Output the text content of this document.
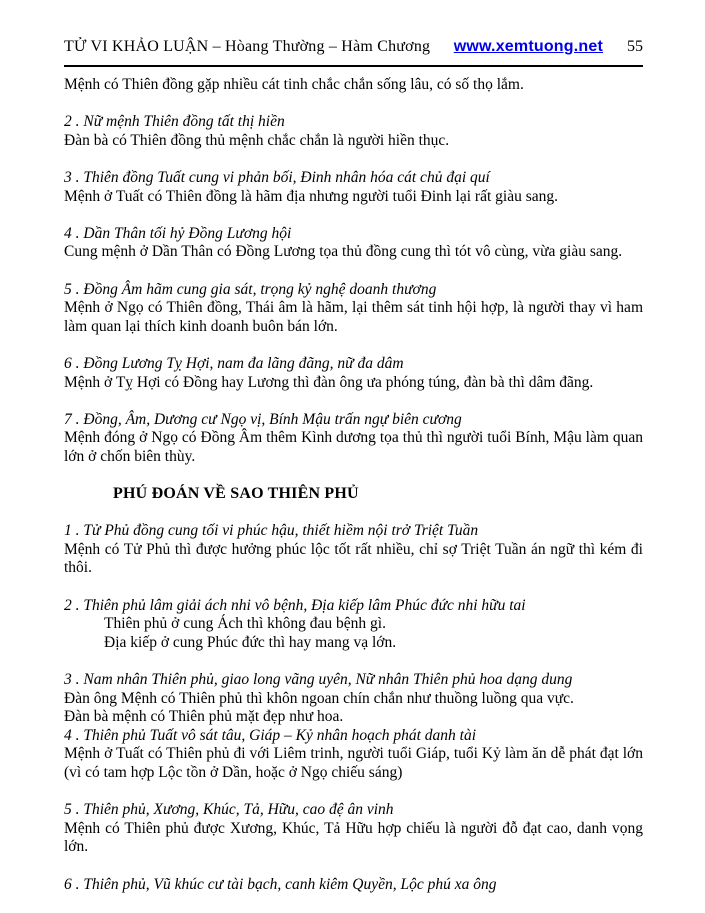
TỬ VI KHẢO LUẬN – Hòang Thường – Hàm Chương www.xemtuong.net 55

Mệnh có Thiên đồng gặp nhiều cát tinh chắc chắn sống lâu, có số thọ lắm.

2 . Nữ mệnh Thiên đồng tất thị hiền
Đàn bà có Thiên đồng thủ mệnh chắc chắn là người hiền thục.
3 . Thiên đồng Tuất cung vi phản bối, Đinh nhân hóa cát chủ đại quí
Mệnh ở Tuất có Thiên đồng là hãm địa nhưng người tuổi Đinh lại rất giàu sang.
4 . Dần Thân tối hỷ Đồng Lương hội
Cung mệnh ở Dần Thân có Đồng Lương tọa thủ đồng cung thì tót vô cùng, vừa giàu sang.
5 . Đồng Âm hãm cung gia sát, trọng kỷ nghệ doanh thương
Mệnh ở Ngọ có Thiên đồng, Thái âm là hãm, lại thêm sát tinh hội hợp, là người thay vì ham làm quan lại thích kinh doanh buôn bán lớn.
6 . Đồng Lương Tỵ Hợi, nam đa lãng đãng, nữ đa dâm
Mệnh ở Tỵ Hợi có Đồng hay Lương thì đàn ông ưa phóng túng, đàn bà thì dâm đãng.
7 . Đồng, Âm, Dương cư Ngọ vị, Bính Mậu trấn ngự biên cương
Mệnh đóng ở Ngọ có Đồng Âm thêm Kình dương tọa thủ thì người tuổi Bính, Mậu làm quan lớn ở chốn biên thùy.
PHÚ ĐOÁN VỀ SAO THIÊN PHỦ
1 . Tử Phủ đồng cung tối vi phúc hậu, thiết hiềm nội trở Triệt Tuần
Mệnh có Tử Phủ thì được hưởng phúc lộc tốt rất nhiều, chỉ sợ Triệt Tuần án ngữ thì kém đi thôi.
2 . Thiên phủ lâm giải ách nhi vô bệnh, Địa kiếp lâm Phúc đức nhi hữu tai
Thiên phủ ở cung Ách thì không đau bệnh gì.
Địa kiếp ở cung Phúc đức thì hay mang vạ lớn.
3 . Nam nhân Thiên phủ, giao long vãng uyên, Nữ nhân Thiên phủ hoa dạng dung
Đàn ông Mệnh có Thiên phủ thì khôn ngoan chín chắn như thuồng luồng qua vực.
Đàn bà mệnh có Thiên phủ mặt đẹp như hoa.
4 . Thiên phủ Tuất vô sát tâu, Giáp – Kỷ nhân hoạch phát danh tài
Mệnh ở Tuất có Thiên phủ đi với Liêm trinh, người tuổi Giáp, tuổi Kỷ làm ăn dễ phát đạt lớn (vì có tam hợp Lộc tồn ở Dần, hoặc ở Ngọ chiếu sáng)
5 . Thiên phủ, Xương, Khúc, Tả, Hữu, cao đệ ân vinh
Mệnh có Thiên phủ được Xương, Khúc, Tả Hữu hợp chiếu là người đỗ đạt cao, danh vọng lớn.
6 . Thiên phủ, Vũ khúc cư tài bạch, canh kiêm Quyền, Lộc phú xa ông
